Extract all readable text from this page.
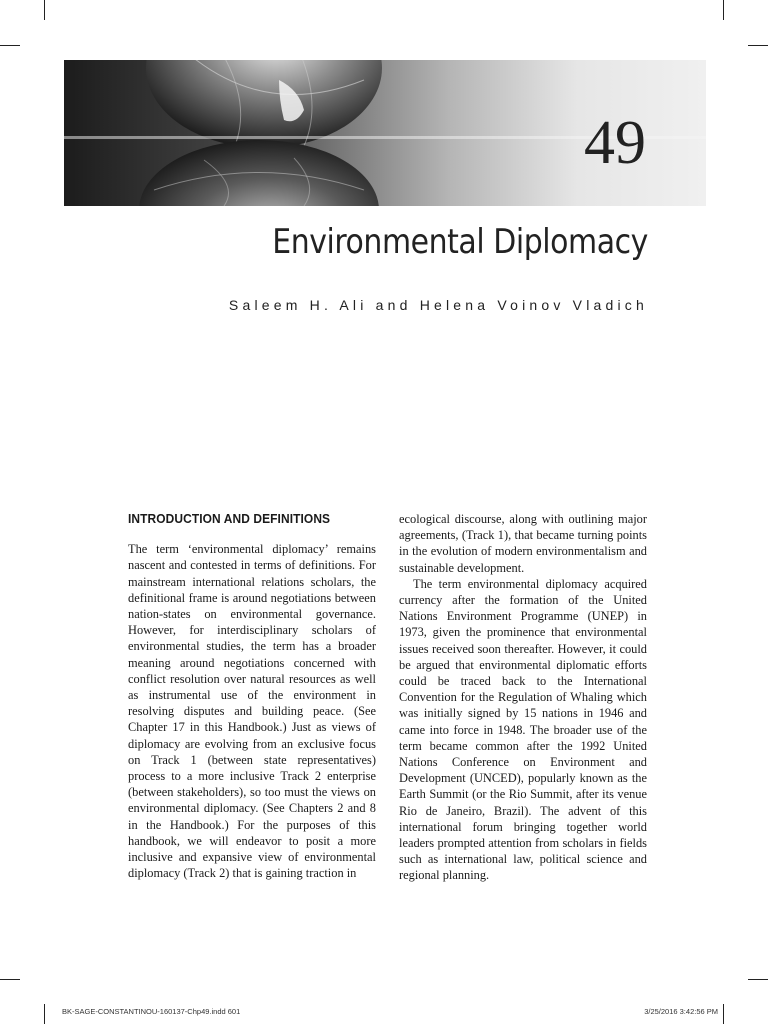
49
Environmental Diplomacy
Saleem H. Ali and Helena Voinov Vladich
INTRODUCTION AND DEFINITIONS

The term ‘environmental diplomacy’ remains nascent and contested in terms of definitions. For mainstream international relations scholars, the definitional frame is around negotiations between nation-states on environmental governance. However, for interdisciplinary scholars of environmental studies, the term has a broader meaning around negotiations concerned with conflict resolution over natural resources as well as instrumental use of the environment in resolving disputes and building peace. (See Chapter 17 in this Handbook.) Just as views of diplomacy are evolving from an exclusive focus on Track 1 (between state representatives) process to a more inclusive Track 2 enterprise (between stakeholders), so too must the views on environmental diplomacy. (See Chapters 2 and 8 in the Handbook.) For the purposes of this handbook, we will endeavor to posit a more inclusive and expansive view of environmental diplomacy (Track 2) that is gaining traction in

ecological discourse, along with outlining major agreements, (Track 1), that became turning points in the evolution of modern environmentalism and sustainable development.

The term environmental diplomacy acquired currency after the formation of the United Nations Environment Programme (UNEP) in 1973, given the prominence that environmental issues received soon thereafter. However, it could be argued that environmental diplomatic efforts could be traced back to the International Convention for the Regulation of Whaling which was initially signed by 15 nations in 1946 and came into force in 1948. The broader use of the term became common after the 1992 United Nations Conference on Environment and Development (UNCED), popularly known as the Earth Summit (or the Rio Summit, after its venue Rio de Janeiro, Brazil). The advent of this international forum bringing together world leaders prompted attention from scholars in fields such as international law, political science and regional planning.

BK-SAGE-CONSTANTINOU-160137-Chp49.indd 601	3/25/2016 3:42:56 PM
